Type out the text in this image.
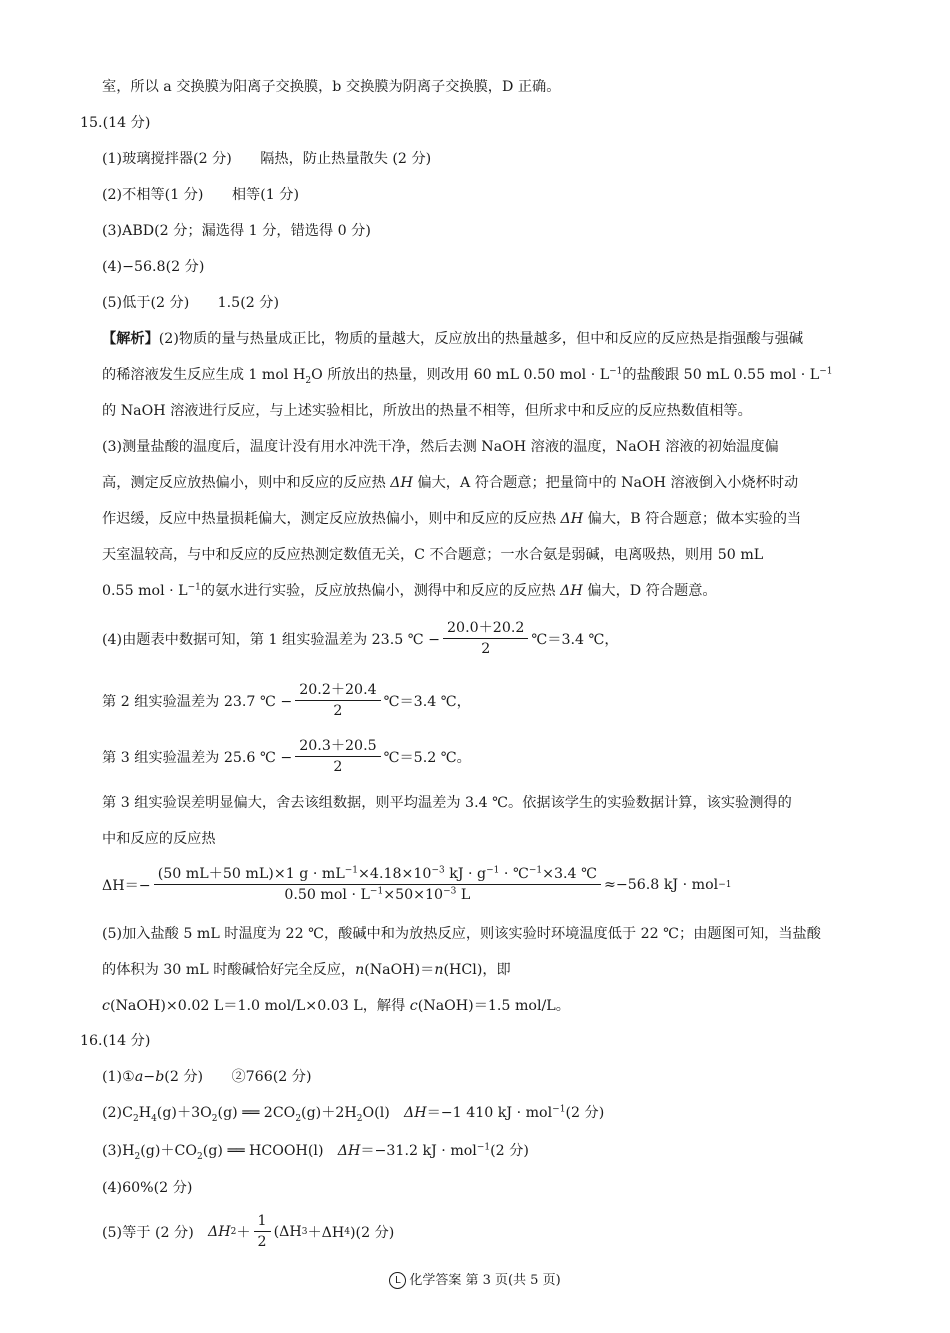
室，所以 a 交换膜为阳离子交换膜，b 交换膜为阴离子交换膜，D 正确。
15.(14 分)
(1)玻璃搅拌器(2 分)　　隔热，防止热量散失 (2 分)
(2)不相等(1 分)　　相等(1 分)
(3)ABD(2 分；漏选得 1 分，错选得 0 分)
(4)−56.8(2 分)
(5)低于(2 分)　　1.5(2 分)
【解析】(2)物质的量与热量成正比，物质的量越大，反应放出的热量越多，但中和反应的反应热是指强酸与强碱
的稀溶液发生反应生成 1 mol $H_2O$ 所放出的热量，则改用 60 mL 0.50 mol · $L^{-1}$的盐酸跟 50 mL 0.55 mol · $L^{-1}$
的 NaOH 溶液进行反应，与上述实验相比，所放出的热量不相等，但所求中和反应的反应热数值相等。
(3)测量盐酸的温度后，温度计没有用水冲洗干净，然后去测 NaOH 溶液的温度，NaOH 溶液的初始温度偏
高，测定反应放热偏小，则中和反应的反应热 ΔH 偏大，A 符合题意；把量筒中的 NaOH 溶液倒入小烧杯时动
作迟缓，反应中热量损耗偏大，测定反应放热偏小，则中和反应的反应热 ΔH 偏大，B 符合题意；做本实验的当
天室温较高，与中和反应的反应热测定数值无关，C 不合题意；一水合氨是弱碱，电离吸热，则用 50 mL
0.55 mol · $L^{-1}$的氨水进行实验，反应放热偏小，测得中和反应的反应热 ΔH 偏大，D 符合题意。
(4)由题表中数据可知，第 1 组实验温差为 23.5 ℃ − $\frac{20.0+20.2}{2}$ ℃＝3.4 ℃，
第 2 组实验温差为 23.7 ℃ − $\frac{20.2+20.4}{2}$ ℃＝3.4 ℃，
第 3 组实验温差为 25.6 ℃ − $\frac{20.3+20.5}{2}$ ℃＝5.2 ℃。
第 3 组实验误差明显偏大，舍去该组数据，则平均温差为 3.4 ℃。依据该学生的实验数据计算，该实验测得的
中和反应的反应热
$\Delta H=- \frac{(50 mL+50 mL)\times 1 g \cdot mL^{-1}\times 4.18\times 10^{-3} kJ \cdot g^{-1} \cdot ℃^{-1}\times 3.4 ℃}{0.50 mol \cdot L^{-1}\times 50\times 10^{-3} L} \approx-56.8$ kJ · mol −1
(5)加入盐酸 5 mL 时温度为 22 ℃，酸碱中和为放热反应，则该实验时环境温度低于 22 ℃；由题图可知，当盐酸
的体积为 30 mL 时酸碱恰好完全反应，n(NaOH)＝n(HCl)，即
c(NaOH)×0.02 L＝1.0 mol/L×0.03 L，解得 c(NaOH)＝1.5 mol/L。
16.(14 分)
(1)①a−b(2 分)　　②766(2 分)
$(2)C_2H_4(g)+3O_2(g)$ ══ $2CO_2(g)+2H_2O(l)$　ΔH＝−1 410 kJ · mol$^{-1}$(2 分)
$(3)H_2(g)+CO_2(g)$ ══ HCOOH(l)　ΔH＝−31.2 kJ · mol$^{-1}$(2 分)
(4)60%(2 分)
(5)等于 (2 分)　 ΔH $2 + \frac{1}{2} (\Delta H$ 3 ＋ΔH 4 )(2 分)
L 化学答案 第 3 页(共 5 页)
